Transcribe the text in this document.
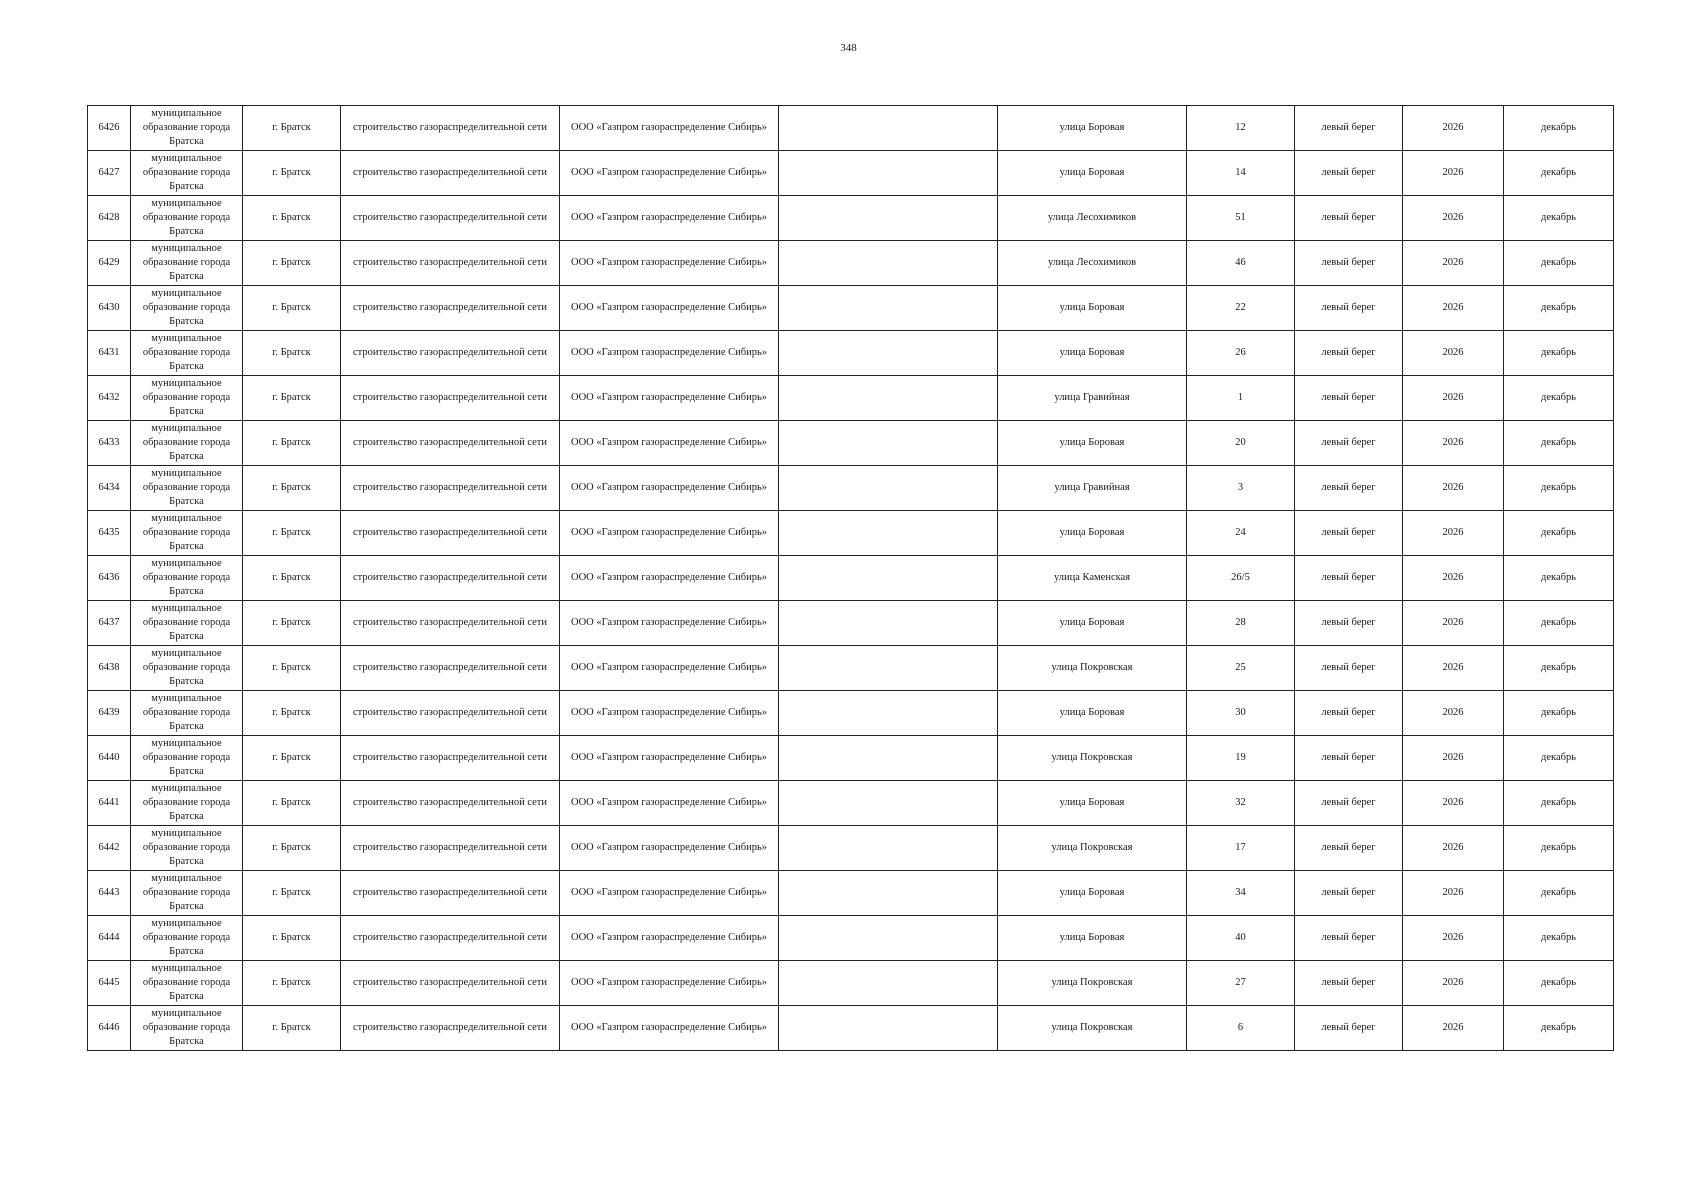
348
6426	муниципальное образование города Братска	г. Братск	строительство газораспределительной сети	ООО «Газпром газораспределение Сибирь»		улица Боровая	12	левый берег	2026	декабрь
6427	муниципальное образование города Братска	г. Братск	строительство газораспределительной сети	ООО «Газпром газораспределение Сибирь»		улица Боровая	14	левый берег	2026	декабрь
6428	муниципальное образование города Братска	г. Братск	строительство газораспределительной сети	ООО «Газпром газораспределение Сибирь»		улица Лесохимиков	51	левый берег	2026	декабрь
6429	муниципальное образование города Братска	г. Братск	строительство газораспределительной сети	ООО «Газпром газораспределение Сибирь»		улица Лесохимиков	46	левый берег	2026	декабрь
6430	муниципальное образование города Братска	г. Братск	строительство газораспределительной сети	ООО «Газпром газораспределение Сибирь»		улица Боровая	22	левый берег	2026	декабрь
6431	муниципальное образование города Братска	г. Братск	строительство газораспределительной сети	ООО «Газпром газораспределение Сибирь»		улица Боровая	26	левый берег	2026	декабрь
6432	муниципальное образование города Братска	г. Братск	строительство газораспределительной сети	ООО «Газпром газораспределение Сибирь»		улица Гравийная	1	левый берег	2026	декабрь
6433	муниципальное образование города Братска	г. Братск	строительство газораспределительной сети	ООО «Газпром газораспределение Сибирь»		улица Боровая	20	левый берег	2026	декабрь
6434	муниципальное образование города Братска	г. Братск	строительство газораспределительной сети	ООО «Газпром газораспределение Сибирь»		улица Гравийная	3	левый берег	2026	декабрь
6435	муниципальное образование города Братска	г. Братск	строительство газораспределительной сети	ООО «Газпром газораспределение Сибирь»		улица Боровая	24	левый берег	2026	декабрь
6436	муниципальное образование города Братска	г. Братск	строительство газораспределительной сети	ООО «Газпром газораспределение Сибирь»		улица Каменская	26/5	левый берег	2026	декабрь
6437	муниципальное образование города Братска	г. Братск	строительство газораспределительной сети	ООО «Газпром газораспределение Сибирь»		улица Боровая	28	левый берег	2026	декабрь
6438	муниципальное образование города Братска	г. Братск	строительство газораспределительной сети	ООО «Газпром газораспределение Сибирь»		улица Покровская	25	левый берег	2026	декабрь
6439	муниципальное образование города Братска	г. Братск	строительство газораспределительной сети	ООО «Газпром газораспределение Сибирь»		улица Боровая	30	левый берег	2026	декабрь
6440	муниципальное образование города Братска	г. Братск	строительство газораспределительной сети	ООО «Газпром газораспределение Сибирь»		улица Покровская	19	левый берег	2026	декабрь
6441	муниципальное образование города Братска	г. Братск	строительство газораспределительной сети	ООО «Газпром газораспределение Сибирь»		улица Боровая	32	левый берег	2026	декабрь
6442	муниципальное образование города Братска	г. Братск	строительство газораспределительной сети	ООО «Газпром газораспределение Сибирь»		улица Покровская	17	левый берег	2026	декабрь
6443	муниципальное образование города Братска	г. Братск	строительство газораспределительной сети	ООО «Газпром газораспределение Сибирь»		улица Боровая	34	левый берег	2026	декабрь
6444	муниципальное образование города Братска	г. Братск	строительство газораспределительной сети	ООО «Газпром газораспределение Сибирь»		улица Боровая	40	левый берег	2026	декабрь
6445	муниципальное образование города Братска	г. Братск	строительство газораспределительной сети	ООО «Газпром газораспределение Сибирь»		улица Покровская	27	левый берег	2026	декабрь
6446	муниципальное образование города Братска	г. Братск	строительство газораспределительной сети	ООО «Газпром газораспределение Сибирь»		улица Покровская	6	левый берег	2026	декабрь
